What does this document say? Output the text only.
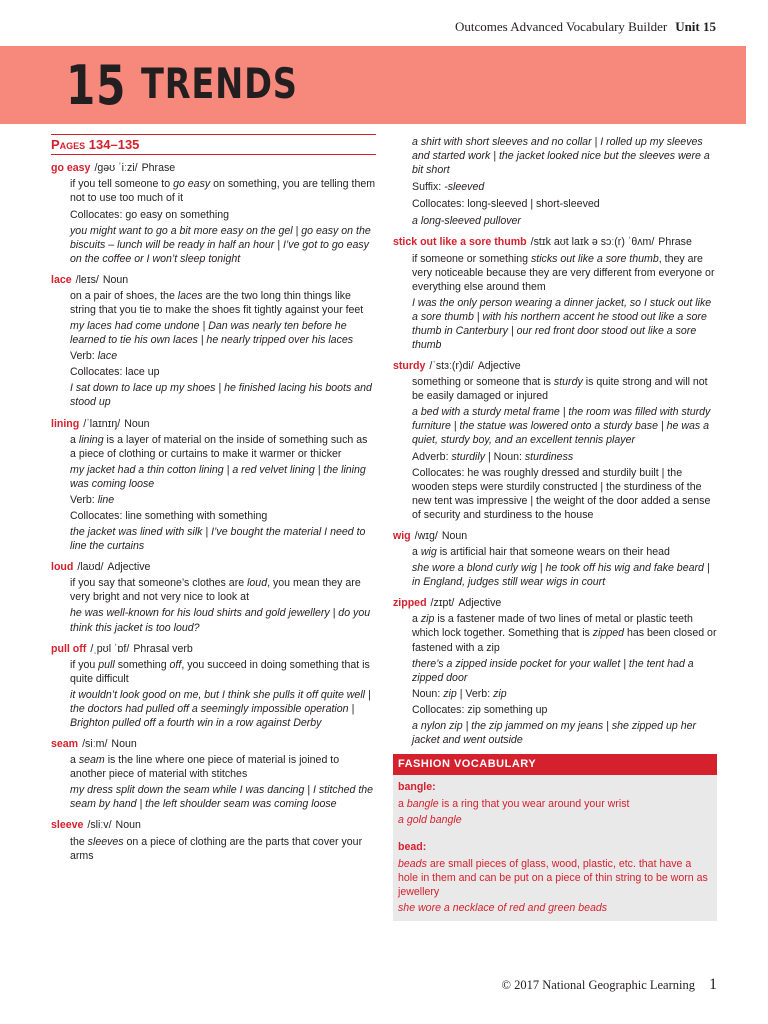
Outcomes Advanced Vocabulary Builder Unit 15
15 TRENDS
Pages 134–135
go easy /gəʊ ˈiːzi/ Phrase

if you tell someone to go easy on something, you are telling them not to use too much of it

Collocates: go easy on something

you might want to go a bit more easy on the gel | go easy on the biscuits – lunch will be ready in half an hour | I’ve got to go easy on the coffee or I won’t sleep tonight

lace /leɪs/ Noun

on a pair of shoes, the laces are the two long thin things like string that you tie to make the shoes fit tightly against your feet

my laces had come undone | Dan was nearly ten before he learned to tie his own laces | he nearly tripped over his laces

Verb: lace

Collocates: lace up

I sat down to lace up my shoes | he finished lacing his boots and stood up

lining /ˈlaɪnɪŋ/ Noun

a lining is a layer of material on the inside of something such as a piece of clothing or curtains to make it warmer or thicker

my jacket had a thin cotton lining | a red velvet lining | the lining was coming loose

Verb: line

Collocates: line something with something

the jacket was lined with silk | I’ve bought the material I need to line the curtains

loud /laʊd/ Adjective

if you say that someone’s clothes are loud, you mean they are very bright and not very nice to look at

he was well-known for his loud shirts and gold jewellery | do you think this jacket is too loud?

pull off /ˌpʊl ˈɒf/ Phrasal verb

if you pull something off, you succeed in doing something that is quite difficult

it wouldn’t look good on me, but I think she pulls it off quite well | the doctors had pulled off a seemingly impossible operation | Brighton pulled off a fourth win in a row against Derby

seam /siːm/ Noun

a seam is the line where one piece of material is joined to another piece of material with stitches

my dress split down the seam while I was dancing | I stitched the seam by hand | the left shoulder seam was coming loose

sleeve /sliːv/ Noun

the sleeves on a piece of clothing are the parts that cover your arms

a shirt with short sleeves and no collar | I rolled up my sleeves and started work | the jacket looked nice but the sleeves were a bit short

Suffix: -sleeved

Collocates: long-sleeved | short-sleeved

a long-sleeved pullover

stick out like a sore thumb /stɪk aʊt laɪk ə sɔː(r) ˈθʌm/ Phrase

if someone or something sticks out like a sore thumb, they are very noticeable because they are very different from everyone or everything else around them

I was the only person wearing a dinner jacket, so I stuck out like a sore thumb | with his northern accent he stood out like a sore thumb in Canterbury | our red front door stood out like a sore thumb

sturdy /ˈstɜː(r)di/ Adjective

something or someone that is sturdy is quite strong and will not be easily damaged or injured

a bed with a sturdy metal frame | the room was filled with sturdy furniture | the statue was lowered onto a sturdy base | he was a quiet, sturdy boy, and an excellent tennis player

Adverb: sturdily | Noun: sturdiness

Collocates: he was roughly dressed and sturdily built | the wooden steps were sturdily constructed | the sturdiness of the new tent was impressive | the weight of the door added a sense of security and sturdiness to the house

wig /wɪg/ Noun

a wig is artificial hair that someone wears on their head

she wore a blond curly wig | he took off his wig and fake beard | in England, judges still wear wigs in court

zipped /zɪpt/ Adjective

a zip is a fastener made of two lines of metal or plastic teeth which lock together. Something that is zipped has been closed or fastened with a zip

there’s a zipped inside pocket for your wallet | the tent had a zipped door

Noun: zip | Verb: zip

Collocates: zip something up

a nylon zip | the zip jammed on my jeans | she zipped up her jacket and went outside

FASHION VOCABULARY
bangle:
a bangle is a ring that you wear around your wrist
a gold bangle
bead:
beads are small pieces of glass, wood, plastic, etc. that have a hole in them and can be put on a piece of thin string to be worn as jewellery
she wore a necklace of red and green beads
© 2017 National Geographic Learning 1
